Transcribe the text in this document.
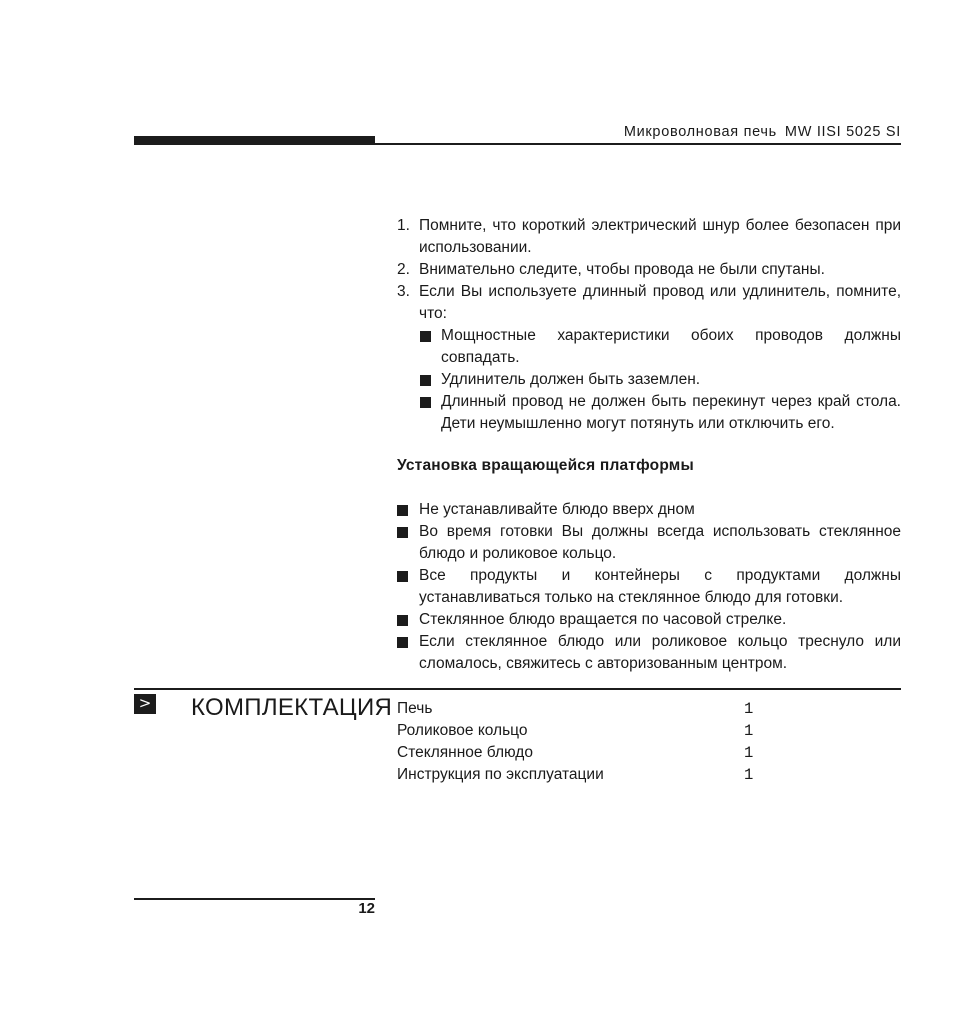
Микроволновая печь MW IISI 5025 SI
1. Помните, что короткий электрический шнур более безопасен при использовании.
2. Внимательно следите, чтобы провода не были спутаны.
3. Если Вы используете длинный провод или удлинитель, помните, что:
Мощностные характеристики обоих проводов должны совпадать.
Удлинитель должен быть заземлен.
Длинный провод не должен быть перекинут через край стола. Дети неумышленно могут потянуть или отключить его.
Установка вращающейся платформы
Не устанавливайте блюдо вверх дном
Во время готовки Вы должны всегда использовать стеклянное блюдо и роликовое кольцо.
Все продукты и контейнеры с продуктами должны устанавливаться только на стеклянное блюдо для готовки.
Стеклянное блюдо вращается по часовой стрелке.
Если стеклянное блюдо или роликовое кольцо треснуло или сломалось, свяжитесь с авторизованным центром.
> КОМПЛЕКТАЦИЯ Печь	1
Роликовое кольцо	1
Стеклянное блюдо	1
Инструкция по эксплуатации	1
12
